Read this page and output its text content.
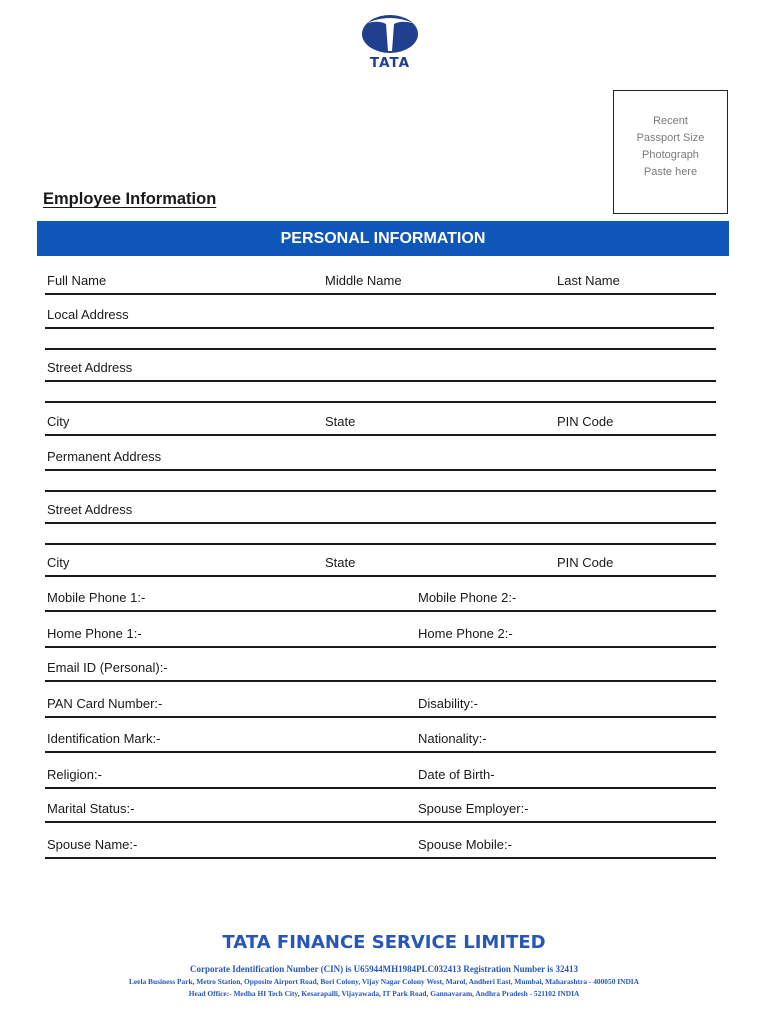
TATA
Recent
Passport Size
Photograph
Paste here
Employee Information
PERSONAL INFORMATION
Full Name	Middle Name	Last Name
Local Address
Street Address
City	State	PIN Code
Permanent Address
Street Address
City	State	PIN Code
Mobile Phone 1:-	Mobile Phone 2:-
Home Phone 1:-	Home Phone 2:-
Email ID (Personal):-
PAN Card Number:-	Disability:-
Identification Mark:-	Nationality:-
Religion:-	Date of Birth-
Marital Status:-	Spouse Employer:-
Spouse Name:-	Spouse Mobile:-
TATA FINANCE SERVICE LIMITED
Corporate Identification Number (CIN) is U65944MH1984PLC032413 Registration Number is 32413
Leela Business Park, Metro Station, Opposite Airport Road, Bori Colony, Vijay Nagar Colony West, Marol, Andheri East, Mumbai, Maharashtra - 400050 INDIA
Head Office:- Medha HI Tech City, Kesarapalli, Vijayawada, IT Park Road, Gannavaram, Andhra Pradesh - 521102 INDIA
